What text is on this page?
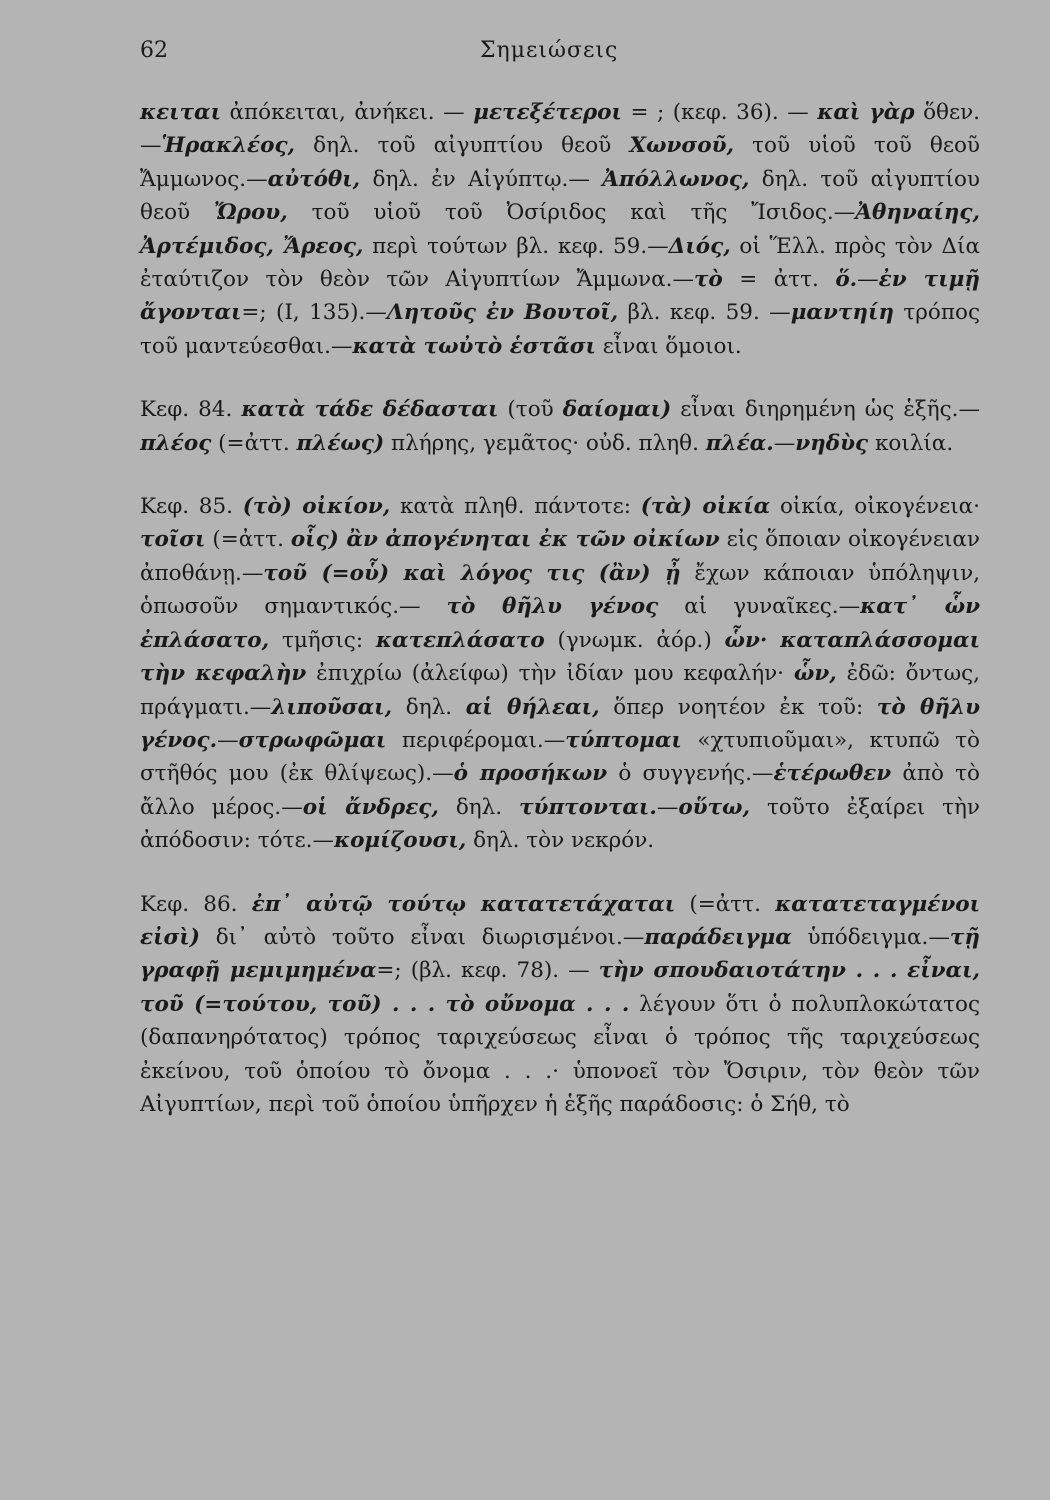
62	Σημειώσεις

κειται ἀπόκειται, ἀνήκει. — μετεξέτεροι = ; (κεφ. 36). — καὶ γὰρ ὅθεν.—Ἡρακλέος, δηλ. τοῦ αἰγυπτίου θεοῦ Χωνσοῦ, τοῦ υἱοῦ τοῦ θεοῦ Ἄμμωνος.—αὐτόθι, δηλ. ἐν Αἰγύπτῳ.— Ἀπόλλωνος, δηλ. τοῦ αἰγυπτίου θεοῦ Ὤρου, τοῦ υἱοῦ τοῦ Ὀσίριδος καὶ τῆς Ἴσιδος.—Ἀθηναίης, Ἀρτέμιδος, Ἄρεος, περὶ τούτων βλ. κεφ. 59.—Διός, οἱ Ἕλλ. πρὸς τὸν Δία ἐταύτιζον τὸν θεὸν τῶν Αἰγυπτίων Ἄμμωνα.—τὸ = ἀττ. ὅ.—ἐν τιμῇ ἄγονται=; (Ι, 135).—Λητοῦς ἐν Βουτοῖ, βλ. κεφ. 59. —μαντηίη τρόπος τοῦ μαντεύεσθαι.—κατὰ τωὐτὸ ἑστᾶσι εἶναι ὅμοιοι.

Κεφ. 84. κατὰ τάδε δέδασται (τοῦ δαίομαι) εἶναι διηρημένη ὡς ἑξῆς.—πλέος (=ἀττ. πλέως) πλήρης, γεμᾶτος· οὐδ. πληθ. πλέα.—νηδὺς κοιλία.

Κεφ. 85. (τὸ) οἰκίον, κατὰ πληθ. πάντοτε: (τὰ) οἰκία οἰκία, οἰκογένεια· τοῖσι (=ἀττ. οἷς) ἂν ἀπογένηται ἐκ τῶν οἰκίων εἰς ὅποιαν οἰκογένειαν ἀποθάνῃ.—τοῦ (=οὗ) καὶ λόγος τις (ἂν) ᾖ ἔχων κάποιαν ὑπόληψιν, ὁπωσοῦν σημαντικός.— τὸ θῆλυ γένος αἱ γυναῖκες.—κατ᾿ ὧν ἐπλάσατο, τμῆσις: κατεπλάσατο (γνωμκ. ἀόρ.) ὧν· καταπλάσσομαι τὴν κεφαλὴν ἐπιχρίω (ἀλείφω) τὴν ἰδίαν μου κεφαλήν· ὧν, ἐδῶ: ὄντως, πράγματι.—λιποῦσαι, δηλ. αἱ θήλεαι, ὅπερ νοητέον ἐκ τοῦ: τὸ θῆλυ γένος.—στρωφῶμαι περιφέρομαι.—τύπτομαι «χτυπιοῦμαι», κτυπῶ τὸ στῆθός μου (ἐκ θλίψεως).—ὁ προσήκων ὁ συγγενής.—ἑτέρωθεν ἀπὸ τὸ ἄλλο μέρος.—οἱ ἄνδρες, δηλ. τύπτονται.—οὕτω, τοῦτο ἐξαίρει τὴν ἀπόδοσιν: τότε.—κομίζουσι, δηλ. τὸν νεκρόν.

Κεφ. 86. ἐπ᾿ αὐτῷ τούτῳ κατατετάχαται (=ἀττ. κατατεταγμένοι εἰσὶ) δι᾿ αὐτὸ τοῦτο εἶναι διωρισμένοι.—παράδειγμα ὑπόδειγμα.—τῇ γραφῇ μεμιμημένα=; (βλ. κεφ. 78). — τὴν σπουδαιοτάτην . . . εἶναι, τοῦ (=τούτου, τοῦ) . . . τὸ οὔνομα . . . λέγουν ὅτι ὁ πολυπλοκώτατος (δαπανηρότατος) τρόπος ταριχεύσεως εἶναι ὁ τρόπος τῆς ταριχεύσεως ἐκείνου, τοῦ ὁποίου τὸ ὄνομα . . .· ὑπονοεῖ τὸν Ὄσιριν, τὸν θεὸν τῶν Αἰγυπτίων, περὶ τοῦ ὁποίου ὑπῆρχεν ἡ ἑξῆς παράδοσις: ὁ Σήθ, τὸ
